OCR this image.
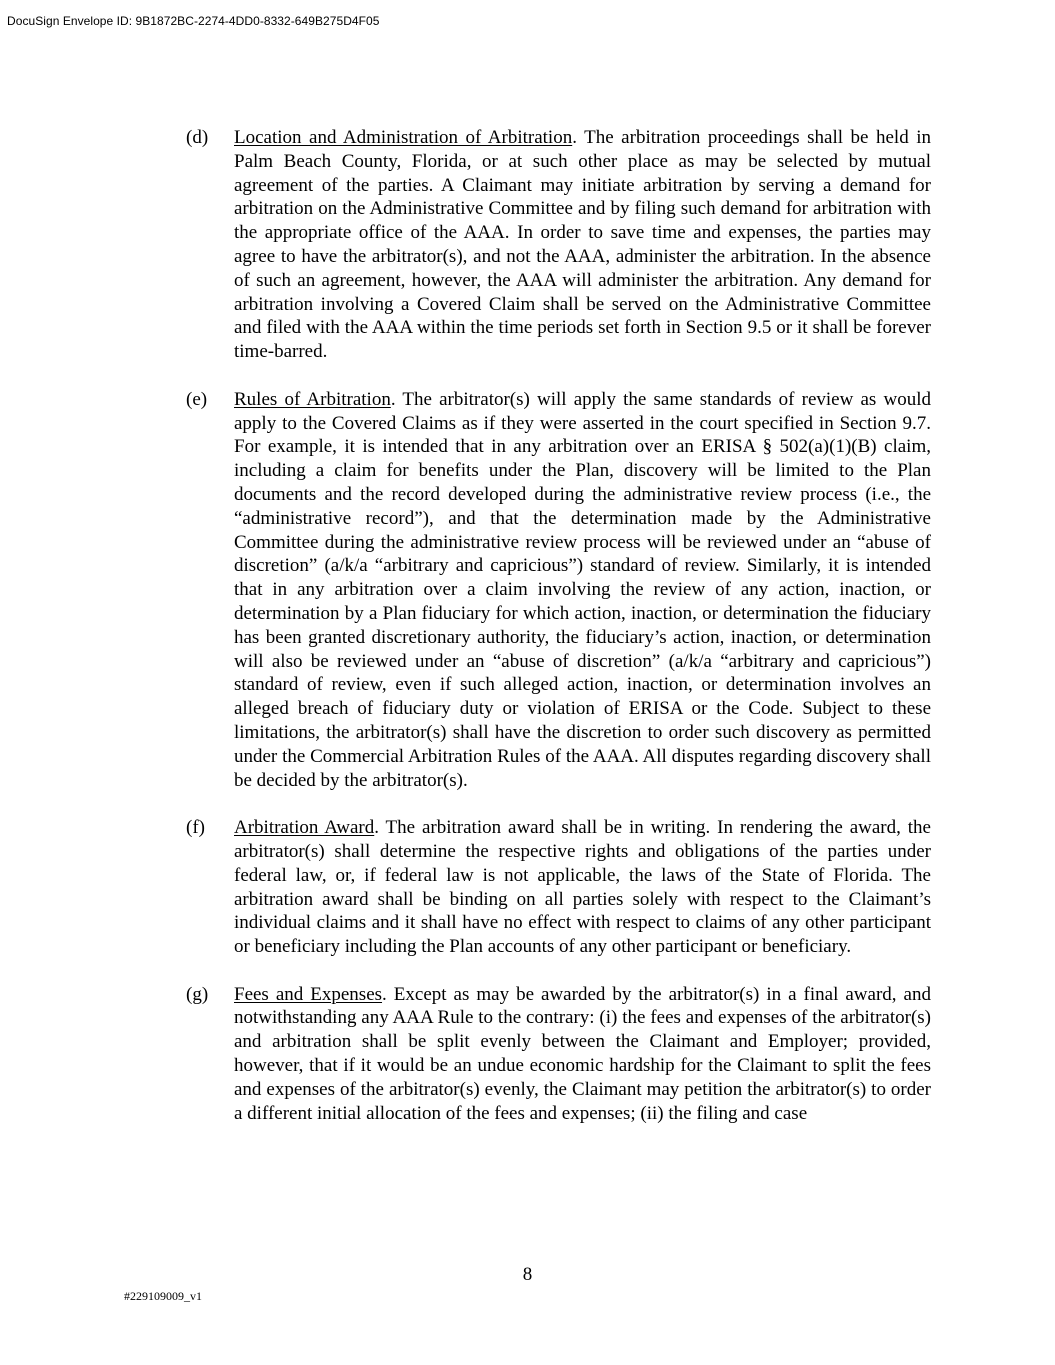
DocuSign Envelope ID: 9B1872BC-2274-4DD0-8332-649B275D4F05
(d) Location and Administration of Arbitration. The arbitration proceedings shall be held in Palm Beach County, Florida, or at such other place as may be selected by mutual agreement of the parties. A Claimant may initiate arbitration by serving a demand for arbitration on the Administrative Committee and by filing such demand for arbitration with the appropriate office of the AAA. In order to save time and expenses, the parties may agree to have the arbitrator(s), and not the AAA, administer the arbitration. In the absence of such an agreement, however, the AAA will administer the arbitration. Any demand for arbitration involving a Covered Claim shall be served on the Administrative Committee and filed with the AAA within the time periods set forth in Section 9.5 or it shall be forever time-barred.
(e) Rules of Arbitration. The arbitrator(s) will apply the same standards of review as would apply to the Covered Claims as if they were asserted in the court specified in Section 9.7. For example, it is intended that in any arbitration over an ERISA § 502(a)(1)(B) claim, including a claim for benefits under the Plan, discovery will be limited to the Plan documents and the record developed during the administrative review process (i.e., the “administrative record”), and that the determination made by the Administrative Committee during the administrative review process will be reviewed under an “abuse of discretion” (a/k/a “arbitrary and capricious”) standard of review. Similarly, it is intended that in any arbitration over a claim involving the review of any action, inaction, or determination by a Plan fiduciary for which action, inaction, or determination the fiduciary has been granted discretionary authority, the fiduciary’s action, inaction, or determination will also be reviewed under an “abuse of discretion” (a/k/a “arbitrary and capricious”) standard of review, even if such alleged action, inaction, or determination involves an alleged breach of fiduciary duty or violation of ERISA or the Code. Subject to these limitations, the arbitrator(s) shall have the discretion to order such discovery as permitted under the Commercial Arbitration Rules of the AAA. All disputes regarding discovery shall be decided by the arbitrator(s).
(f) Arbitration Award. The arbitration award shall be in writing. In rendering the award, the arbitrator(s) shall determine the respective rights and obligations of the parties under federal law, or, if federal law is not applicable, the laws of the State of Florida. The arbitration award shall be binding on all parties solely with respect to the Claimant’s individual claims and it shall have no effect with respect to claims of any other participant or beneficiary including the Plan accounts of any other participant or beneficiary.
(g) Fees and Expenses. Except as may be awarded by the arbitrator(s) in a final award, and notwithstanding any AAA Rule to the contrary: (i) the fees and expenses of the arbitrator(s) and arbitration shall be split evenly between the Claimant and Employer; provided, however, that if it would be an undue economic hardship for the Claimant to split the fees and expenses of the arbitrator(s) evenly, the Claimant may petition the arbitrator(s) to order a different initial allocation of the fees and expenses; (ii) the filing and case
8
#229109009_v1
